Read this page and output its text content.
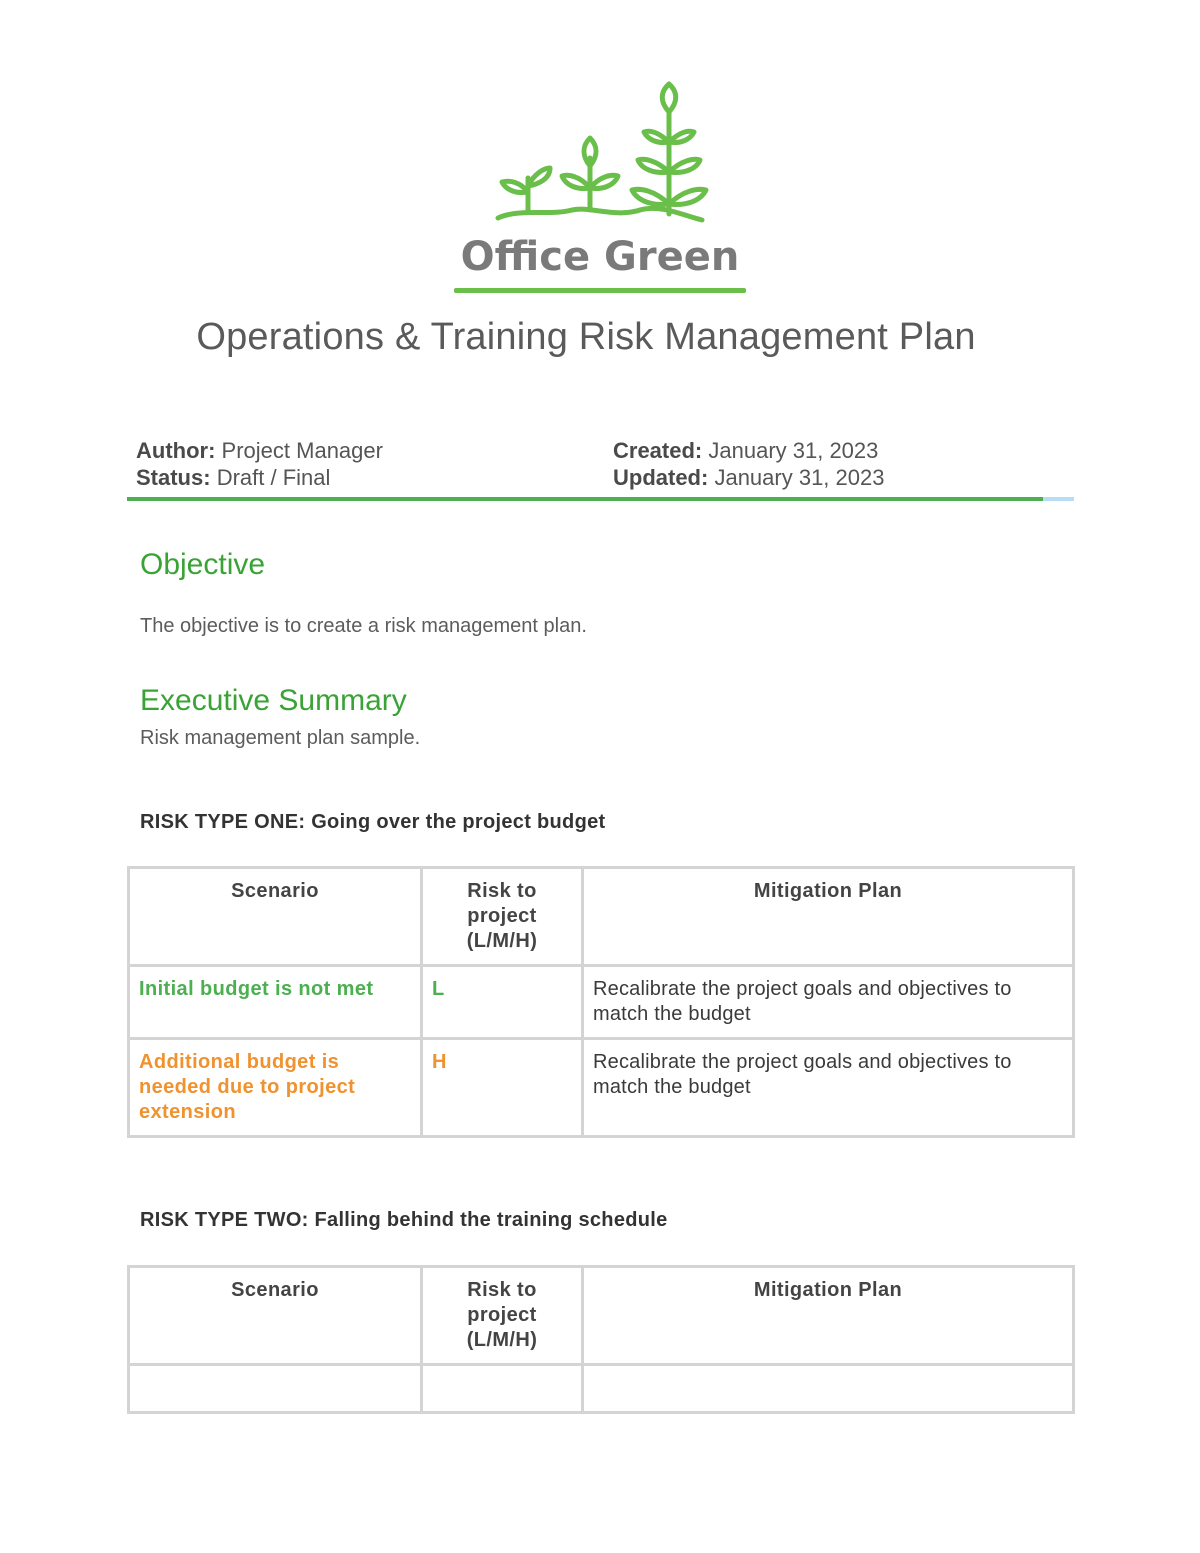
Office Green
Operations & Training Risk Management Plan
Author: Project Manager
Status: Draft / Final
Created: January 31, 2023
Updated: January 31, 2023
Objective

The objective is to create a risk management plan.

Executive Summary

Risk management plan sample.

RISK TYPE ONE: Going over the project budget

Scenario	Risk to project (L/M/H)	Mitigation Plan
Initial budget is not met	L	Recalibrate the project goals and objectives to match the budget
Additional budget is needed due to project extension	H	Recalibrate the project goals and objectives to match the budget

RISK TYPE TWO: Falling behind the training schedule

Scenario	Risk to project (L/M/H)	Mitigation Plan
